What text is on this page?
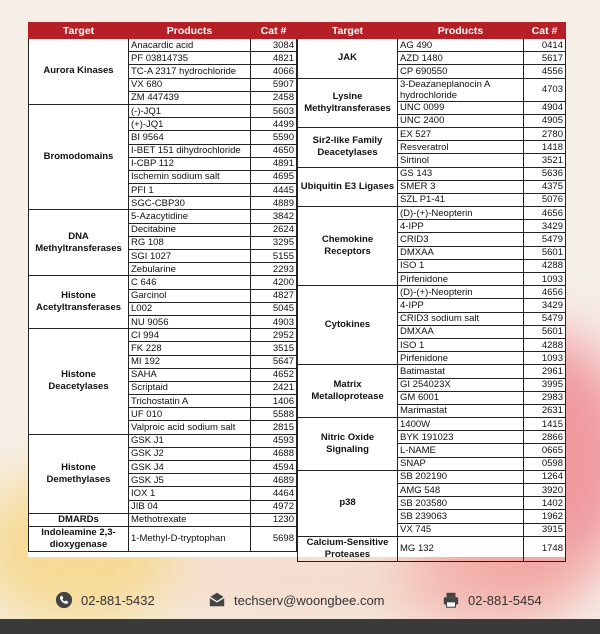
Target	Products	Cat #
Aurora Kinases	Anacardic acid	3084
	PF 03814735	4821
	TC-A 2317 hydrochloride	4066
	VX 680	5907
	ZM 447439	2458
Bromodomains	(-)-JQ1	5603
	(+)-JQ1	4499
	BI 9564	5590
	I-BET 151 dihydrochloride	4650
	I-CBP 112	4891
	Ischemin sodium salt	4695
	PFI 1	4445
	SGC-CBP30	4889
DNA Methyltransferases	5-Azacytidine	3842
	Decitabine	2624
	RG 108	3295
	SGI 1027	5155
	Zebularine	2293
Histone Acetyltransferases	C 646	4200
	Garcinol	4827
	L002	5045
	NU 9056	4903
Histone Deacetylases	CI 994	2952
	FK 228	3515
	MI 192	5647
	SAHA	4652
	Scriptaid	2421
	Trichostatin A	1406
	UF 010	5588
	Valproic acid sodium salt	2815
Histone Demethylases	GSK J1	4593
	GSK J2	4688
	GSK J4	4594
	GSK J5	4689
	IOX 1	4464
	JIB 04	4972
DMARDs	Methotrexate	1230
Indoleamine 2,3-dioxygenase	1-Methyl-D-tryptophan	5698
Target	Products	Cat #
JAK	AG 490	0414
	AZD 1480	5617
	CP 690550	4556
Lysine Methyltransferases	3-Deazaneplanocin A hydrochloride	4703
	UNC 0099	4904
	UNC 2400	4905
Sir2-like Family Deacetylases	EX 527	2780
	Resveratrol	1418
	Sirtinol	3521
Ubiquitin E3 Ligases	GS 143	5636
	SMER 3	4375
	SZL P1-41	5076
Chemokine Receptors	(D)-(+)-Neopterin	4656
	4-IPP	3429
	CRID3	5479
	DMXAA	5601
	ISO 1	4288
	Pirfenidone	1093
Cytokines	(D)-(+)-Neopterin	4656
	4-IPP	3429
	CRID3 sodium salt	5479
	DMXAA	5601
	ISO 1	4288
	Pirfenidone	1093
Matrix Metalloprotease	Batimastat	2961
	GI 254023X	3995
	GM 6001	2983
	Marimastat	2631
Nitric Oxide Signaling	1400W	1415
	BYK 191023	2866
	L-NAME	0665
	SNAP	0598
p38	SB 202190	1264
	AMG 548	3920
	SB 203580	1402
	SB 239063	1962
	VX 745	3915
Calcium-Sensitive Proteases	MG 132	1748
02-881-5432	techserv@woongbee.com	02-881-5454
